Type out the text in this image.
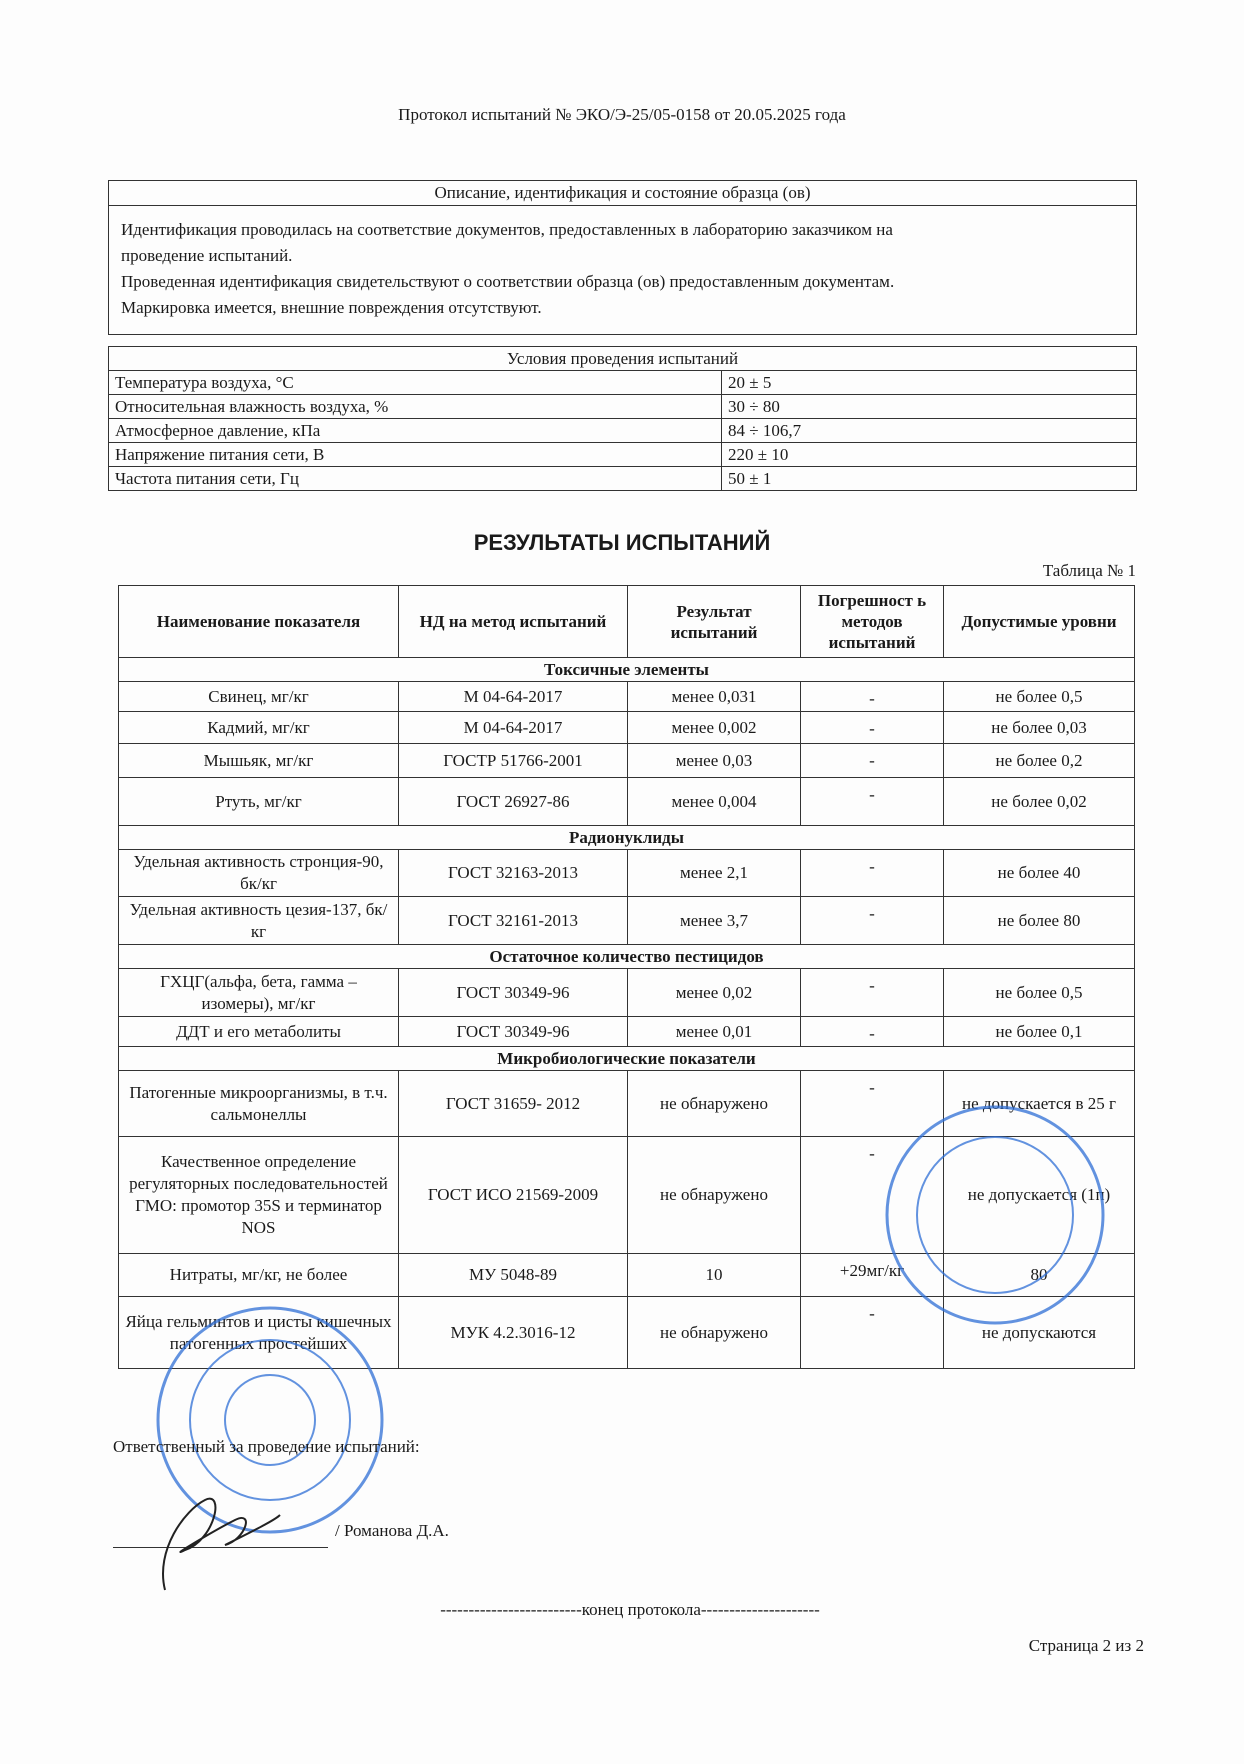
Протокол испытаний № ЭКО/Э-25/05-0158 от 20.05.2025 года
Описание, идентификация и состояние образца (ов)

Идентификация проводилась на соответствие документов, предоставленных в лабораторию заказчиком на

проведение испытаний.

Проведенная идентификация свидетельствуют о соответствии образца (ов) предоставленным документам.

Маркировка имеется, внешние повреждения отсутствуют.

Условия проведения испытаний	
Температура воздуха, °С	20 ± 5
Относительная влажность воздуха, %	30 ÷ 80
Атмосферное давление, кПа	84 ÷ 106,7
Напряжение питания сети, В	220 ± 10
Частота питания сети, Гц	50 ± 1
РЕЗУЛЬТАТЫ ИСПЫТАНИЙ
Таблица № 1
Наименование показателя	НД на метод испытаний	Результат испытаний	Погрешност ь методов испытаний	Допустимые уровни
Токсичные элементы				
Свинец, мг/кг	М 04-64-2017	менее 0,031	-	не более 0,5
Кадмий, мг/кг	М 04-64-2017	менее 0,002	-	не более 0,03
Мышьяк, мг/кг	ГОСТР 51766-2001	менее 0,03	-	не более 0,2
Ртуть, мг/кг	ГОСТ 26927-86	менее 0,004	-	не более 0,02
Радионуклиды				
Удельная активность стронция-90, бк/кг	ГОСТ 32163-2013	менее 2,1	-	не более 40
Удельная активность цезия-137, бк/кг	ГОСТ 32161-2013	менее 3,7	-	не более 80
Остаточное количество пестицидов				
ГХЦГ(альфа, бета, гамма – изомеры), мг/кг	ГОСТ 30349-96	менее 0,02	-	не более 0,5
ДДТ и его метаболиты	ГОСТ 30349-96	менее 0,01	-	не более 0,1
Микробиологические показатели				
Патогенные микроорганизмы, в т.ч. сальмонеллы	ГОСТ 31659- 2012	не обнаружено	-	не допускается в 25 г
Качественное определение регуляторных последовательностей ГМО: промотор 35S и терминатор NOS	ГОСТ ИСО 21569-2009	не обнаружено	-	не допускается (1п)
Нитраты, мг/кг, не более	МУ 5048-89	10	+29мг/кг	80
Яйца гельминтов и цисты кишечных патогенных простейших	МУК 4.2.3016-12	не обнаружено	-	не допускаются
Ответственный за проведение испытаний:
/ Романова Д.А.
-------------------------конец протокола---------------------
Страница 2 из 2
